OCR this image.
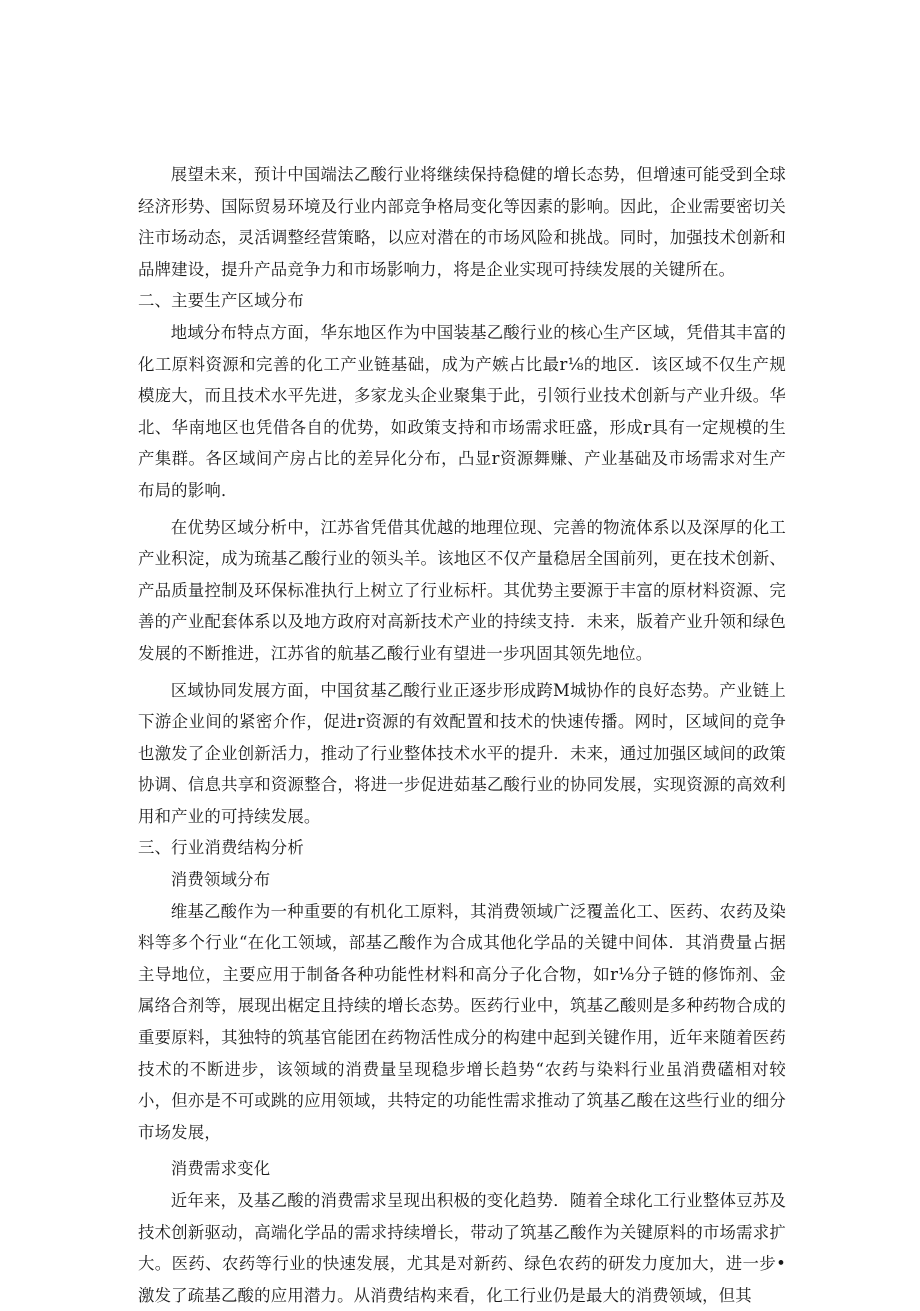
展望未来，预计中国端法乙酸行业将继续保持稳健的增长态势，但增速可能受到全球经济形势、国际贸易环境及行业内部竞争格局变化等因素的影响。因此，企业需要密切关注市场动态，灵活调整经营策略，以应对潜在的市场风险和挑战。同时，加强技术创新和品牌建设，提升产品竞争力和市场影响力，将是企业实现可持续发展的关键所在。

二、主要生产区域分布

地域分布特点方面，华东地区作为中国装基乙酸行业的核心生产区域，凭借其丰富的化工原料资源和完善的化工产业链基础，成为产嫉占比最r⅛的地区．该区域不仅生产规模庞大，而且技术水平先进，多家龙头企业聚集于此，引领行业技术创新与产业升级。华北、华南地区也凭借各自的优势，如政策支持和市场需求旺盛，形成r具有一定规模的生产集群。各区域间产房占比的差异化分布，凸显r资源舞赚、产业基础及市场需求对生产布局的影响．

在优势区域分析中，江苏省凭借其优越的地理位现、完善的物流体系以及深厚的化工产业积淀，成为琉基乙酸行业的领头羊。该地区不仅产量稳居全国前列，更在技术创新、产品质量控制及环保标准执行上树立了行业标杆。其优势主要源于丰富的原材料资源、完善的产业配套体系以及地方政府对高新技术产业的持续支持．未来，版着产业升领和绿色发展的不断推进，江苏省的航基乙酸行业有望进一步巩固其领先地位。

区域协同发展方面，中国贫基乙酸行业正逐步形成跨M城协作的良好态势。产业链上下游企业间的紧密介作，促进r资源的有效配置和技术的快速传播。网时，区域间的竞争也激发了企业创新活力，推动了行业整体技术水平的提升．未来，通过加强区域间的政策协调、信息共享和资源整合，将进一步促进茹基乙酸行业的协同发展，实现资源的高效利用和产业的可持续发展。

三、行业消费结构分析

消费领域分布

维基乙酸作为一种重要的有机化工原料，其消费领域广泛覆盖化工、医药、农药及染料等多个行业“在化工领域，部基乙酸作为合成其他化学品的关键中间体．其消费量占据主导地位，主要应用于制备各种功能性材料和高分子化合物，如r⅛分子链的修饰剂、金属络合剂等，展现出椐定且持续的增长态势。医药行业中，筑基乙酸则是多种药物合成的重要原料，其独特的筑基官能团在药物活性成分的构建中起到关键作用，近年来随着医药技术的不断进步，该领域的消费量呈现稳步增长趋势“农药与染料行业虽消费礚相对较小，但亦是不可或跳的应用领域，共特定的功能性需求推动了筑基乙酸在这些行业的细分市场发展，

消费需求变化

近年来，及基乙酸的消费需求呈现出积极的变化趋势．随着全球化工行业整体豆苏及技术创新驱动，高端化学品的需求持续增长，带动了筑基乙酸作为关键原料的市场需求扩大。医药、农药等行业的快速发展，尤其是对新药、绿色农药的研发力度加大，进一步•激发了疏基乙酸的应用潜力。从消费结构来看，化工行业仍是最大的消费领域，但其
